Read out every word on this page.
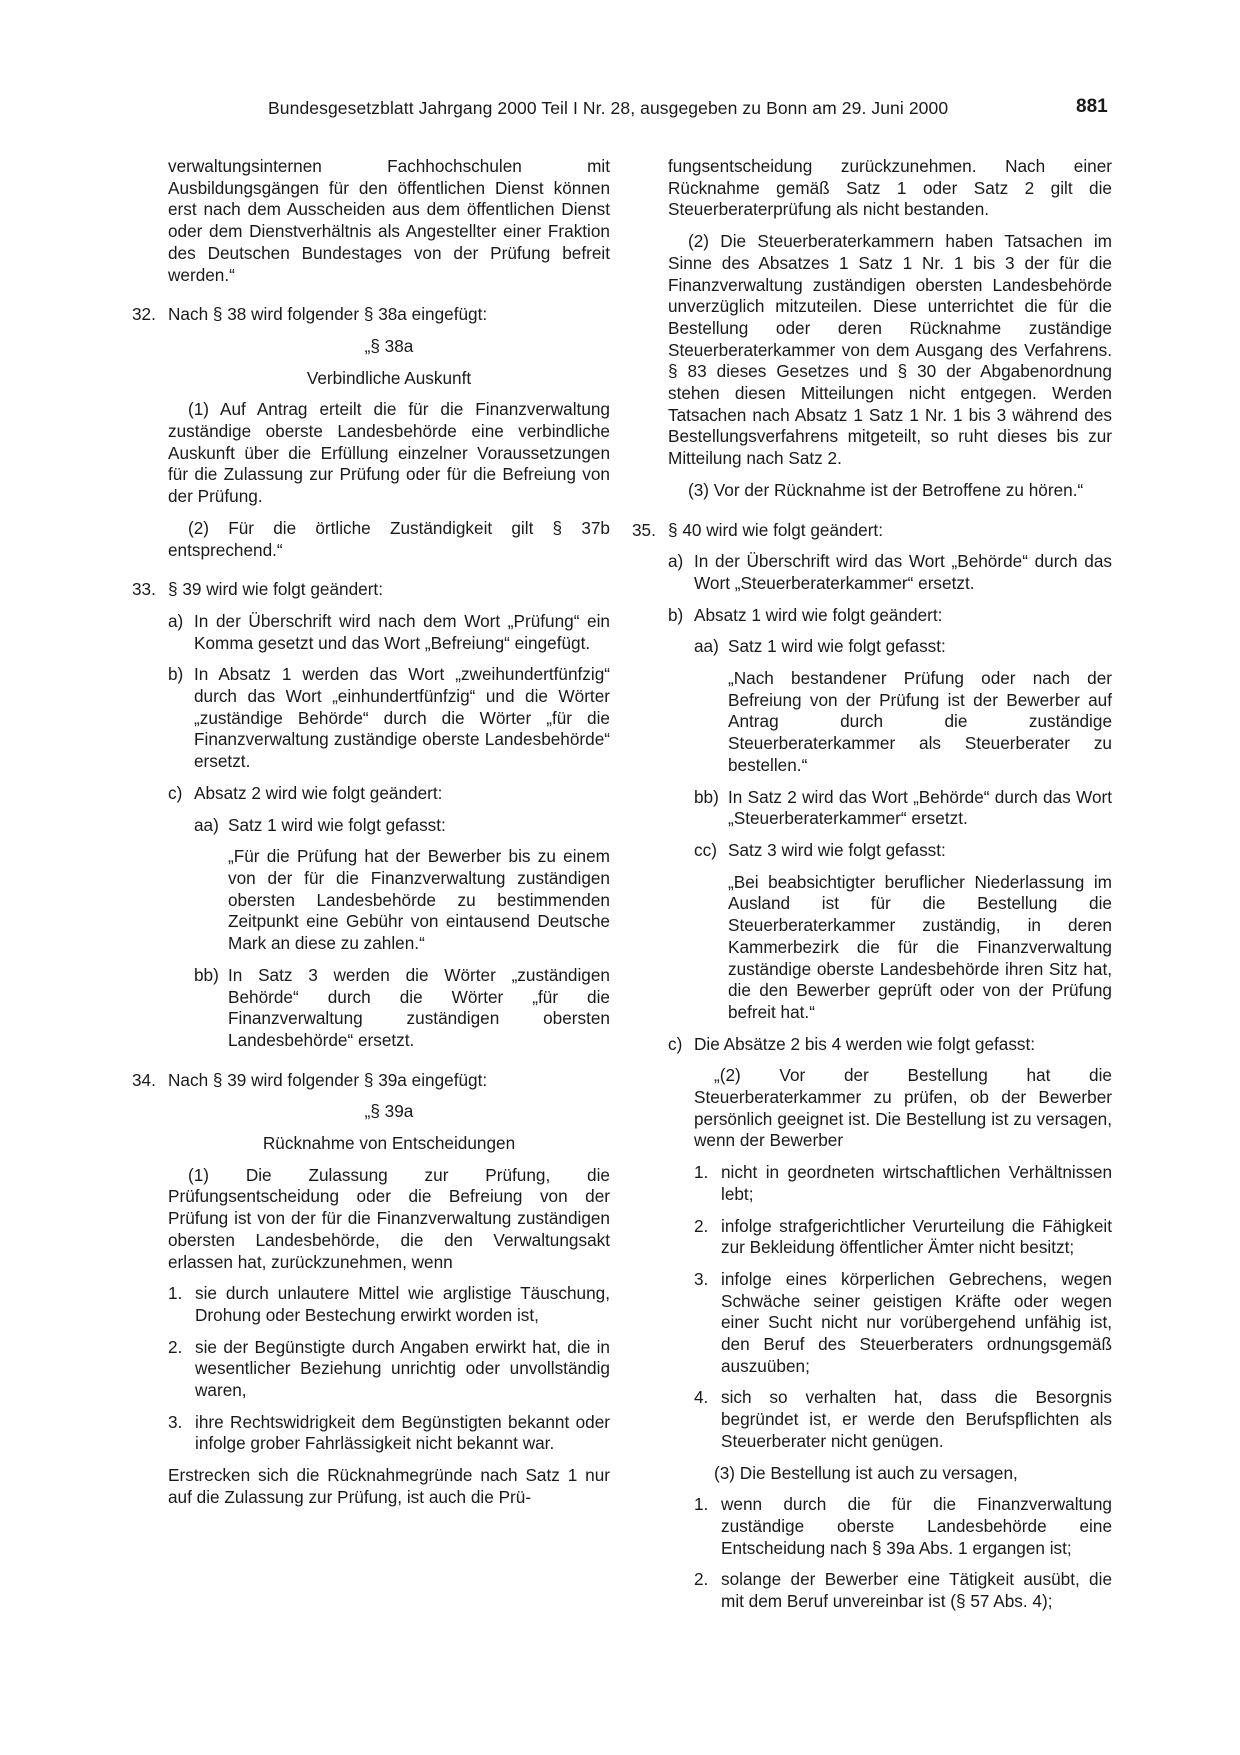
Bundesgesetzblatt Jahrgang 2000 Teil I Nr. 28, ausgegeben zu Bonn am 29. Juni 2000	881

verwaltungsinternen Fachhochschulen mit Ausbildungsgängen für den öffentlichen Dienst können erst nach dem Ausscheiden aus dem öffentlichen Dienst oder dem Dienstverhältnis als Angestellter einer Fraktion des Deutschen Bundestages von der Prüfung befreit werden.“

32. Nach § 38 wird folgender § 38a eingefügt:

„§ 38a

Verbindliche Auskunft

(1) Auf Antrag erteilt die für die Finanzverwaltung zuständige oberste Landesbehörde eine verbindliche Auskunft über die Erfüllung einzelner Voraussetzungen für die Zulassung zur Prüfung oder für die Befreiung von der Prüfung.

(2) Für die örtliche Zuständigkeit gilt § 37b entsprechend.“

33. § 39 wird wie folgt geändert:

a) In der Überschrift wird nach dem Wort „Prüfung“ ein Komma gesetzt und das Wort „Befreiung“ eingefügt.

b) In Absatz 1 werden das Wort „zweihundertfünfzig“ durch das Wort „einhundertfünfzig“ und die Wörter „zuständige Behörde“ durch die Wörter „für die Finanzverwaltung zuständige oberste Landesbehörde“ ersetzt.

c) Absatz 2 wird wie folgt geändert:

aa) Satz 1 wird wie folgt gefasst:

„Für die Prüfung hat der Bewerber bis zu einem von der für die Finanzverwaltung zuständigen obersten Landesbehörde zu bestimmenden Zeitpunkt eine Gebühr von eintausend Deutsche Mark an diese zu zahlen.“

bb) In Satz 3 werden die Wörter „zuständigen Behörde“ durch die Wörter „für die Finanzverwaltung zuständigen obersten Landesbehörde“ ersetzt.

34. Nach § 39 wird folgender § 39a eingefügt:

„§ 39a

Rücknahme von Entscheidungen

(1) Die Zulassung zur Prüfung, die Prüfungsentscheidung oder die Befreiung von der Prüfung ist von der für die Finanzverwaltung zuständigen obersten Landesbehörde, die den Verwaltungsakt erlassen hat, zurückzunehmen, wenn

1. sie durch unlautere Mittel wie arglistige Täuschung, Drohung oder Bestechung erwirkt worden ist,

2. sie der Begünstigte durch Angaben erwirkt hat, die in wesentlicher Beziehung unrichtig oder unvollständig waren,

3. ihre Rechtswidrigkeit dem Begünstigten bekannt oder infolge grober Fahrlässigkeit nicht bekannt war.

Erstrecken sich die Rücknahmegründe nach Satz 1 nur auf die Zulassung zur Prüfung, ist auch die Prü-

fungsentscheidung zurückzunehmen. Nach einer Rücknahme gemäß Satz 1 oder Satz 2 gilt die Steuerberaterprüfung als nicht bestanden.

(2) Die Steuerberaterkammern haben Tatsachen im Sinne des Absatzes 1 Satz 1 Nr. 1 bis 3 der für die Finanzverwaltung zuständigen obersten Landesbehörde unverzüglich mitzuteilen. Diese unterrichtet die für die Bestellung oder deren Rücknahme zuständige Steuerberaterkammer von dem Ausgang des Verfahrens. § 83 dieses Gesetzes und § 30 der Abgabenordnung stehen diesen Mitteilungen nicht entgegen. Werden Tatsachen nach Absatz 1 Satz 1 Nr. 1 bis 3 während des Bestellungsverfahrens mitgeteilt, so ruht dieses bis zur Mitteilung nach Satz 2.

(3) Vor der Rücknahme ist der Betroffene zu hören.“

35. § 40 wird wie folgt geändert:

a) In der Überschrift wird das Wort „Behörde“ durch das Wort „Steuerberaterkammer“ ersetzt.

b) Absatz 1 wird wie folgt geändert:

aa) Satz 1 wird wie folgt gefasst:

„Nach bestandener Prüfung oder nach der Befreiung von der Prüfung ist der Bewerber auf Antrag durch die zuständige Steuerberaterkammer als Steuerberater zu bestellen.“

bb) In Satz 2 wird das Wort „Behörde“ durch das Wort „Steuerberaterkammer“ ersetzt.

cc) Satz 3 wird wie folgt gefasst:

„Bei beabsichtigter beruflicher Niederlassung im Ausland ist für die Bestellung die Steuerberaterkammer zuständig, in deren Kammerbezirk die für die Finanzverwaltung zuständige oberste Landesbehörde ihren Sitz hat, die den Bewerber geprüft oder von der Prüfung befreit hat.“

c) Die Absätze 2 bis 4 werden wie folgt gefasst:

„(2) Vor der Bestellung hat die Steuerberaterkammer zu prüfen, ob der Bewerber persönlich geeignet ist. Die Bestellung ist zu versagen, wenn der Bewerber

1. nicht in geordneten wirtschaftlichen Verhältnissen lebt;

2. infolge strafgerichtlicher Verurteilung die Fähigkeit zur Bekleidung öffentlicher Ämter nicht besitzt;

3. infolge eines körperlichen Gebrechens, wegen Schwäche seiner geistigen Kräfte oder wegen einer Sucht nicht nur vorübergehend unfähig ist, den Beruf des Steuerberaters ordnungsgemäß auszuüben;

4. sich so verhalten hat, dass die Besorgnis begründet ist, er werde den Berufspflichten als Steuerberater nicht genügen.

(3) Die Bestellung ist auch zu versagen,

1. wenn durch die für die Finanzverwaltung zuständige oberste Landesbehörde eine Entscheidung nach § 39a Abs. 1 ergangen ist;

2. solange der Bewerber eine Tätigkeit ausübt, die mit dem Beruf unvereinbar ist (§ 57 Abs. 4);
